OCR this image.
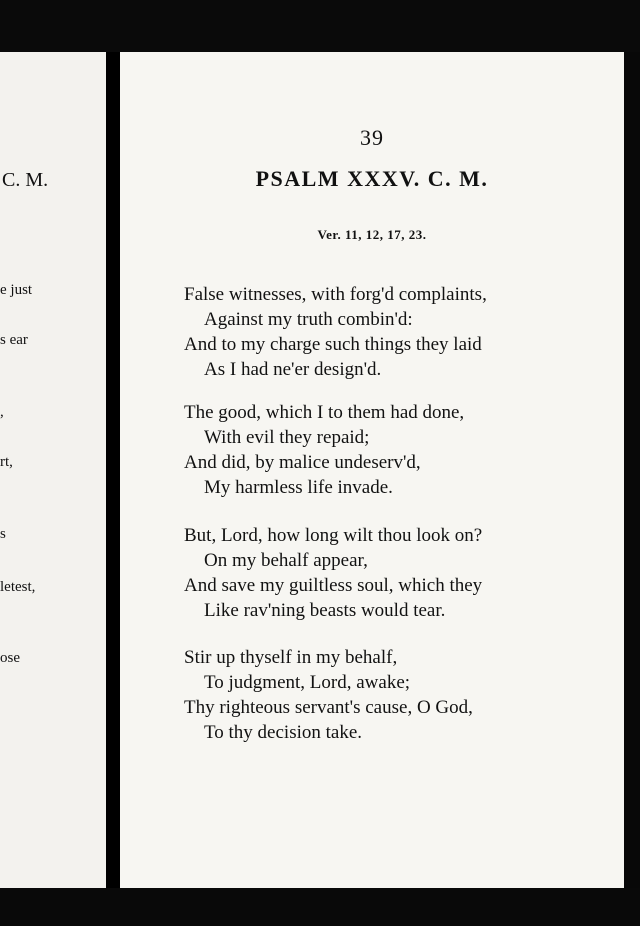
C. M.
e just
s ear
,
rt,
s
letest,
ose
39
PSALM XXXV. C. M.
Ver. 11, 12, 17, 23.
False witnesses, with forg'd complaints,
Against my truth combin'd:
And to my charge such things they laid
As I had ne'er design'd.
The good, which I to them had done,
With evil they repaid;
And did, by malice undeserv'd,
My harmless life invade.
But, Lord, how long wilt thou look on?
On my behalf appear,
And save my guiltless soul, which they
Like rav'ning beasts would tear.
Stir up thyself in my behalf,
To judgment, Lord, awake;
Thy righteous servant's cause, O God,
To thy decision take.
